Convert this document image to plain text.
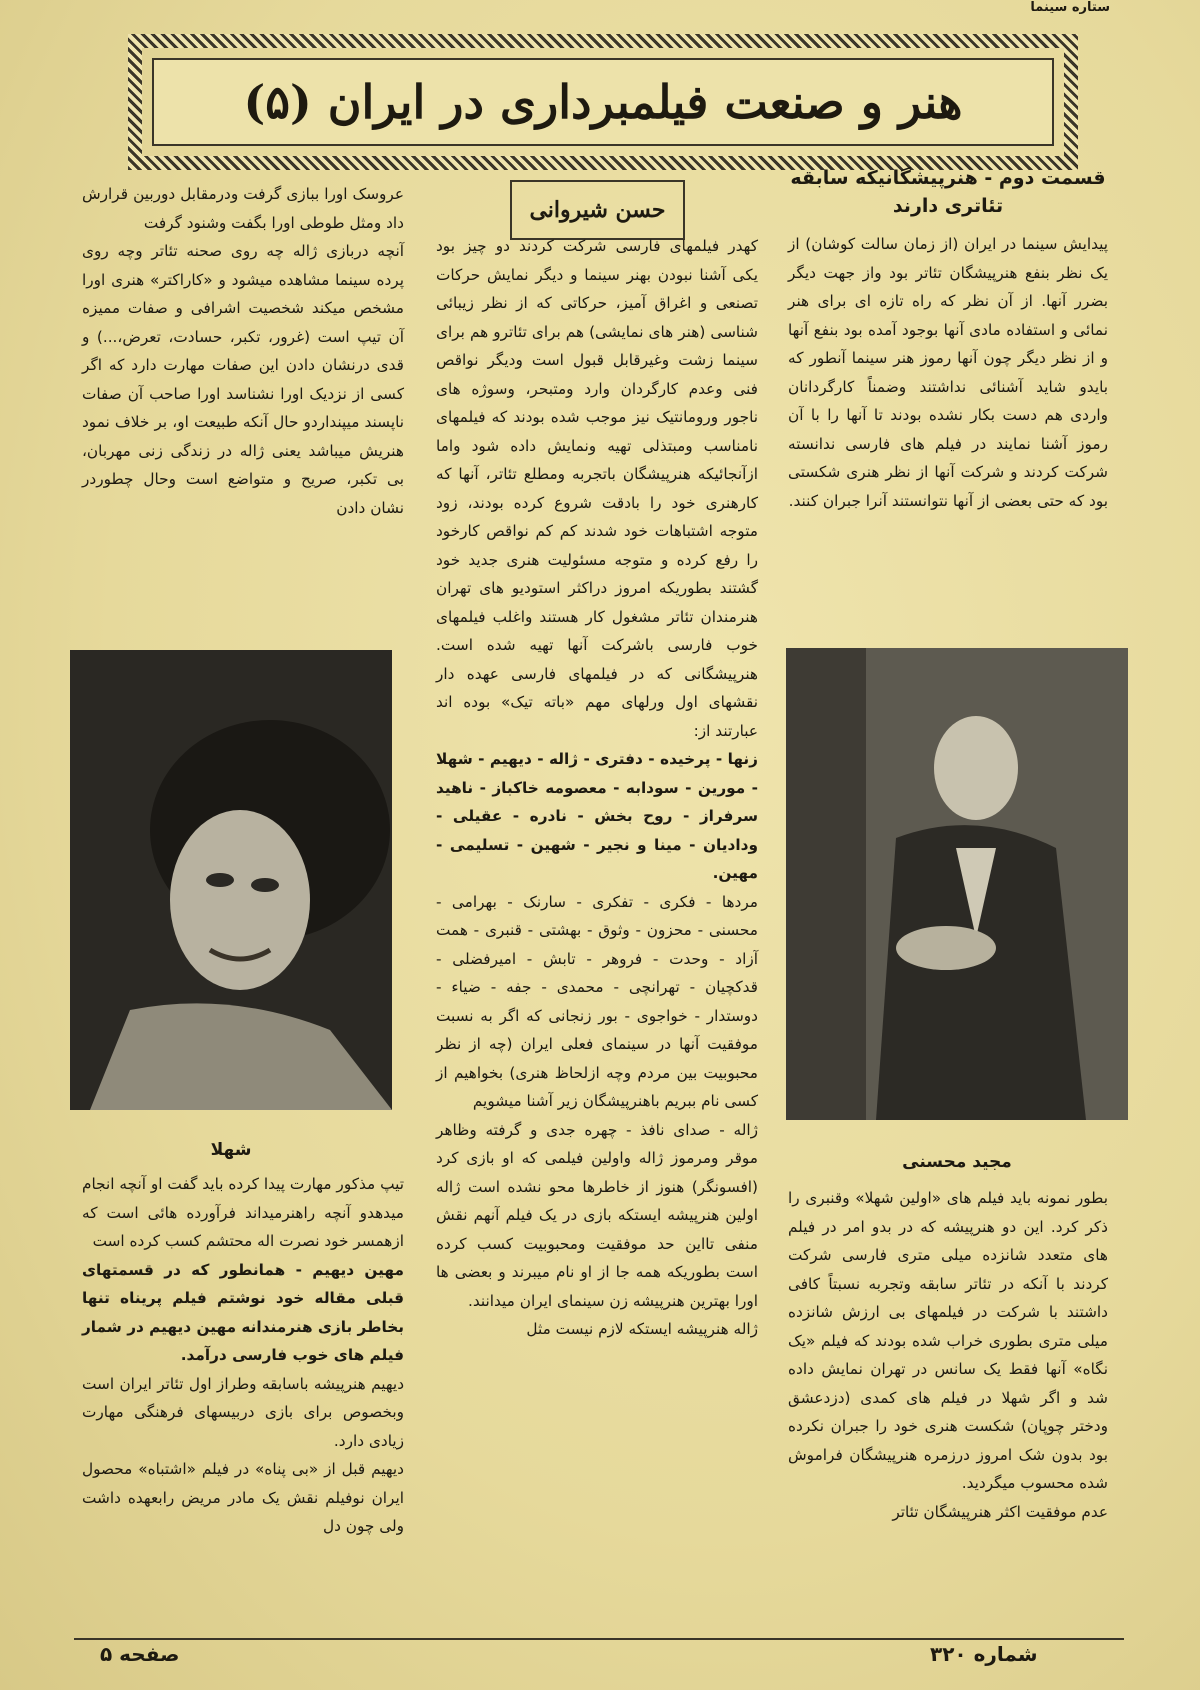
ستاره سینما
هنر و صنعت فیلمبرداری در ایران (۵)
قسمت دوم - هنرپیشگانیکه سابقه تئاتری دارند
حسن شیروانی

پیدایش سینما در ایران (از زمان سالت کوشان) از یک نظر بنفع هنرپیشگان تئاتر بود واز جهت دیگر بضرر آنها. از آن نظر که راه تازه ای برای هنر نمائی و استفاده مادی آنها بوجود آمده بود بنفع آنها و از نظر دیگر چون آنها رموز هنر سینما آنطور که بایدو شاید آشنائی نداشتند وضمناً کارگردانان واردی هم دست بکار نشده بودند تا آنها را با آن رموز آشنا نمایند در فیلم های فارسی ندانسته شرکت کردند و شرکت آنها از نظر هنری شکستی بود که حتی بعضی از آنها نتوانستند آنرا جبران کنند.

کهدر فیلمهای فارسی شرکت کردند دو چیز بود یکی آشنا نبودن بهنر سینما و دیگر نمایش حرکات تصنعی و اغراق آمیز، حرکاتی که از نظر زیبائی شناسی (هنر های نمایشی) هم برای تئاترو هم برای سینما زشت وغیرقابل قبول است ودیگر نواقص فنی وعدم کارگردان وارد ومتبحر، وسوژه های ناجور ورومانتیک نیز موجب شده بودند که فیلمهای نامناسب ومبتذلی تهیه ونمایش داده شود واما ازآنجائیکه هنرپیشگان باتجربه ومطلع تئاتر، آنها که کارهنری خود را بادقت شروع کرده بودند، زود متوجه اشتباهات خود شدند کم کم نواقص کارخود را رفع کرده و متوجه مسئولیت هنری جدید خود گشتند بطوریکه امروز دراکثر استودیو های تهران هنرمندان تئاتر مشغول کار هستند واغلب فیلمهای خوب فارسی باشرکت آنها تهیه شده است. هنرپیشگانی که در فیلمهای فارسی عهده دار نقشهای اول ورلهای مهم «باته تیک» بوده اند عبارتند از:

زنها - پرخیده - دفتری - ژاله - دیهیم - شهلا - مورین - سودابه - معصومه خاکباز - ناهید سرفراز - روح بخش - نادره - عقیلی - ودادیان - مینا و نجیر - شهین - تسلیمی - مهین.

مردها - فکری - تفکری - سارنک - بهرامی - محسنی - محزون - وثوق - بهشتی - قنبری - همت آزاد - وحدت - فروهر - تابش - امیرفضلی - قدکچیان - تهرانچی - محمدی - جفه - ضیاء - دوستدار - خواجوی - بور زنجانی که اگر به نسبت موفقیت آنها در سینمای فعلی ایران (چه از نظر محبوبیت بین مردم وچه ازلحاظ هنری) بخواهیم از کسی نام ببریم باهنرپیشگان زیر آشنا میشویم

ژاله - صدای نافذ - چهره جدی و گرفته وظاهر موقر ومرموز ژاله واولین فیلمی که او بازی کرد (افسونگر) هنوز از خاطرها محو نشده است ژاله اولین هنرپیشه ایستکه بازی در یک فیلم آنهم نقش منفی تااین حد موفقیت ومحبوبیت کسب کرده است بطوریکه همه جا از او نام میبرند و بعضی ها اورا بهترین هنرپیشه زن سینمای ایران میدانند.

ژاله هنرپیشه ایستکه لازم نیست مثل

عروسک اورا ببازی گرفت ودرمقابل دوربین قرارش داد ومثل طوطی اورا بگفت وشنود گرفت

آنچه دربازی ژاله چه روی صحنه تئاتر وچه روی پرده سینما مشاهده میشود و «کاراکتر» هنری اورا مشخص میکند شخصیت اشرافی و صفات ممیزه آن تیپ است (غرور، تکبر، حسادت، تعرض،...) و قدی درنشان دادن این صفات مهارت دارد که اگر کسی از نزدیک اورا نشناسد اورا صاحب آن صفات ناپسند میپنداردو حال آنکه طبیعت او، بر خلاف نمود هنریش میباشد یعنی ژاله در زندگی زنی مهربان، بی تکبر، صریح و متواضع است وحال چطوردر نشان دادن

شهلا
مجید محسنی

تیپ مذکور مهارت پیدا کرده باید گفت او آنچه انجام میدهدو آنچه راهنرمیداند فرآورده هائی است که ازهمسر خود نصرت اله محتشم کسب کرده است

مهین دیهیم - همانطور که در قسمتهای قبلی مقاله خود نوشتم فیلم پریناه تنها بخاطر بازی هنرمندانه مهین دیهیم در شمار فیلم های خوب فارسی درآمد.

دیهیم هنرپیشه باسابقه وطراز اول تئاتر ایران است وبخصوص برای بازی دربیسهای فرهنگی مهارت زیادی دارد.

دیهیم قبل از «بی پناه» در فیلم «اشتباه» محصول ایران نوفیلم نقش یک مادر مریض رابعهده داشت ولی چون دل

بطور نمونه باید فیلم های «اولین شهلا» وقنبری را ذکر کرد. این دو هنرپیشه که در بدو امر در فیلم های متعدد شانزده میلی متری فارسی شرکت کردند با آنکه در تئاتر سابقه وتجربه نسبتاً کافی داشتند با شرکت در فیلمهای بی ارزش شانزده میلی متری بطوری خراب شده بودند که فیلم «یک نگاه» آنها فقط یک سانس در تهران نمایش داده شد و اگر شهلا در فیلم های کمدی (دزدعشق ودختر چوپان) شکست هنری خود را جبران نکرده بود بدون شک امروز درزمره هنرپیشگان فراموش شده محسوب میگردید.

عدم موفقیت اکثر هنرپیشگان تئاتر

صفحه ۵	شماره ۳۲۰
